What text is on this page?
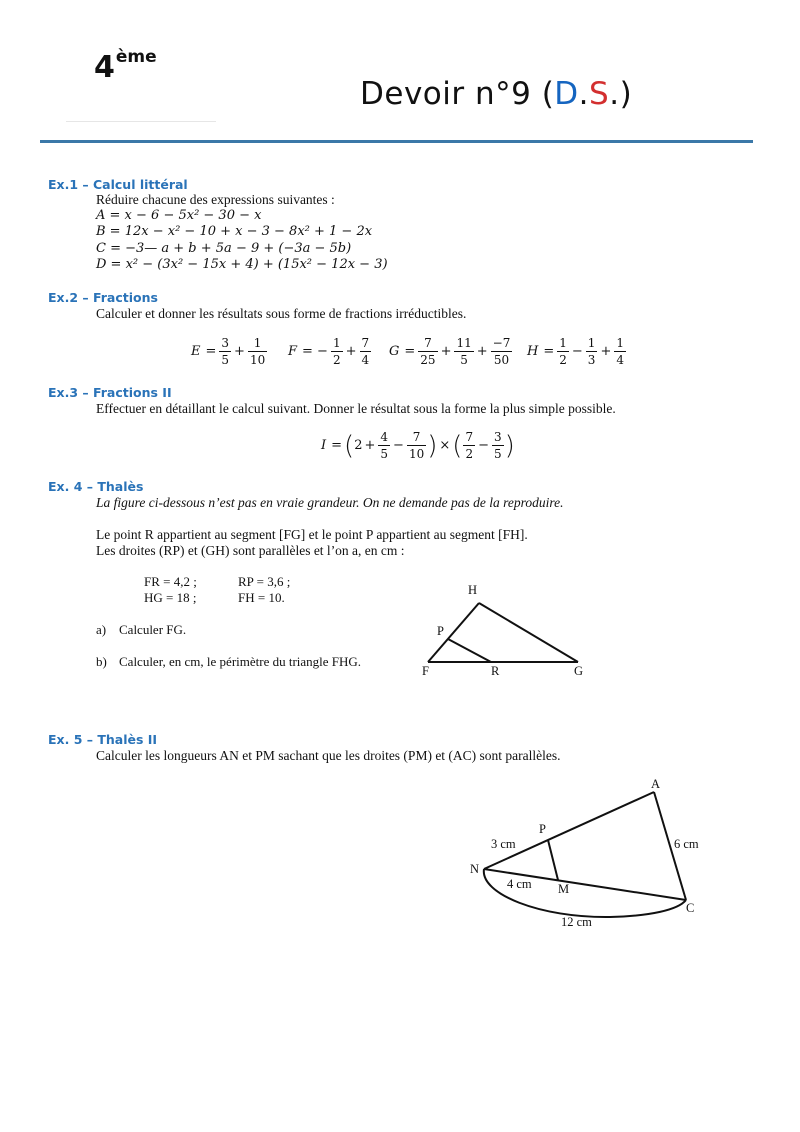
4ème
Devoir n°9 (D.S.)
Ex.1 – Calcul littéral
Réduire chacune des expressions suivantes :
A = x − 6 − 5x² − 30 − x
B = 12x − x² − 10 + x − 3 − 8x² + 1 − 2x
C = −3— a + b + 5a − 9 + (−3a − 5b)
D = x² − (3x² − 15x + 4) + (15x² − 12x − 3)
Ex.2 – Fractions
Calculer et donner les résultats sous forme de fractions irréductibles.
$E = \frac{3}{5} + \frac{1}{10}$ F = − $\frac{1}{2} + \frac{7}{4}$ $G = \frac{7}{25} + \frac{11}{5} + \frac{-7}{50}$ $H = \frac{1}{2} - \frac{1}{3} + \frac{1}{4}$
Ex.3 – Fractions II
Effectuer en détaillant le calcul suivant. Donner le résultat sous la forme la plus simple possible.
I = ( $2 + \frac{4}{5} - \frac{7}{10}$ ) × ( $\frac{7}{2} - \frac{3}{5}$ )
Ex. 4 – Thalès
La figure ci-dessous n’est pas en vraie grandeur. On ne demande pas de la reproduire.
Le point R appartient au segment [FG] et le point P appartient au segment [FH].
Les droites (RP) et (GH) sont parallèles et l’on a, en cm :
FR = 4,2 ;	RP = 3,6 ;
HG = 18 ;	FH = 10.
a) Calculer FG.
b) Calculer, en cm, le périmètre du triangle FHG.
H
P
F	R	G
Ex. 5 – Thalès II
Calculer les longueurs AN et PM sachant que les droites (PM) et (AC) sont parallèles.
A
P
N
M
C
3 cm	6 cm
4 cm
12 cm
